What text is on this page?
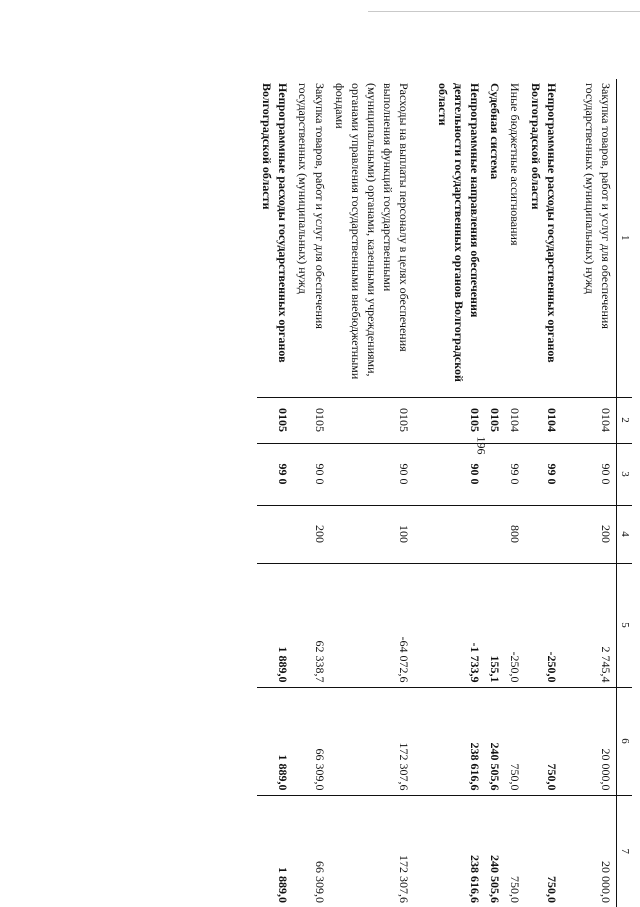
196
1	2	3	4	5	6	7
Закупка товаров, работ и услуг для обеспечения государственных (муниципальных) нужд	0104	90 0	200	2 745,4	20 000,0	20 000,0

Непрограммные расходы государственных органов Волгоградской области	0104	99 0		-250,0	750,0	750,0
Иные бюджетные ассигнования	0104	99 0	800	-250,0	750,0	750,0
Судебная система	0105			155,1	240 505,6	240 505,6
Непрограммные направления обеспечения деятельности государственных органов Волгоградской области	0105	90 0		-1 733,9	238 616,6	238 616,6

Расходы на выплаты персоналу в целях обеспечения выполнения функций государственными (муниципальными) органами, казенными учреждениями, органами управления государственными внебюджетными фондами	0105	90 0	100	-64 072,6	172 307,6	172 307,6
Закупка товаров, работ и услуг для обеспечения государственных (муниципальных) нужд	0105	90 0	200	62 338,7	66 309,0	66 309,0
Непрограммные расходы государственных органов Волгоградской области	0105	99 0		1 889,0	1 889,0	1 889,0
